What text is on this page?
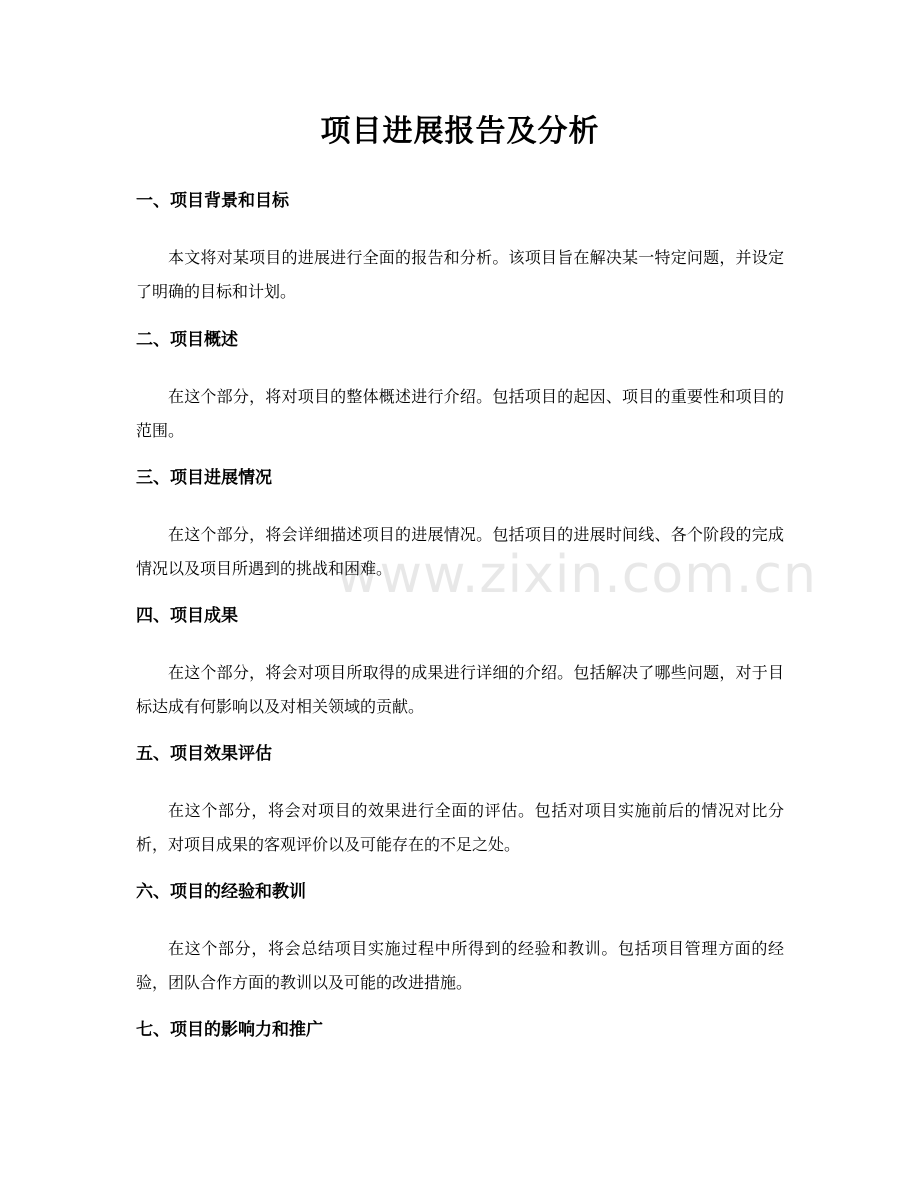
www.zixin.com.cn
项目进展报告及分析
一、项目背景和目标

本文将对某项目的进展进行全面的报告和分析。该项目旨在解决某一特定问题，并设定了明确的目标和计划。

二、项目概述

在这个部分，将对项目的整体概述进行介绍。包括项目的起因、项目的重要性和项目的范围。

三、项目进展情况

在这个部分，将会详细描述项目的进展情况。包括项目的进展时间线、各个阶段的完成情况以及项目所遇到的挑战和困难。

四、项目成果

在这个部分，将会对项目所取得的成果进行详细的介绍。包括解决了哪些问题，对于目标达成有何影响以及对相关领域的贡献。

五、项目效果评估

在这个部分，将会对项目的效果进行全面的评估。包括对项目实施前后的情况对比分析，对项目成果的客观评价以及可能存在的不足之处。

六、项目的经验和教训

在这个部分，将会总结项目实施过程中所得到的经验和教训。包括项目管理方面的经验，团队合作方面的教训以及可能的改进措施。

七、项目的影响力和推广
